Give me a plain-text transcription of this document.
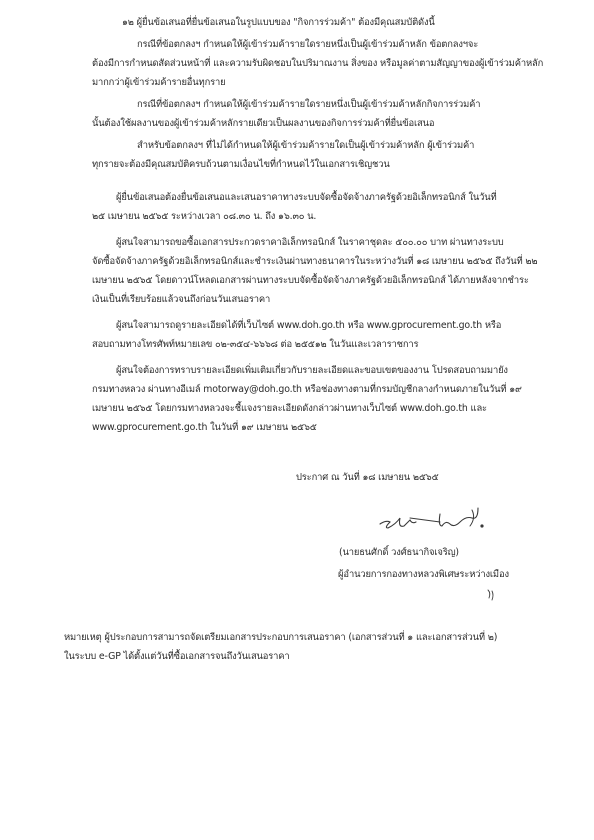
๑๒ ผู้ยื่นข้อเสนอที่ยื่นข้อเสนอในรูปแบบของ "กิจการร่วมค้า" ต้องมีคุณสมบัติดังนี้
กรณีที่ข้อตกลงฯ กำหนดให้ผู้เข้าร่วมค้ารายใดรายหนึ่งเป็นผู้เข้าร่วมค้าหลัก ข้อตกลงฯจะ
ต้องมีการกำหนดสัดส่วนหน้าที่ และความรับผิดชอบในปริมาณงาน สิ่งของ หรือมูลค่าตามสัญญาของผู้เข้าร่วมค้าหลัก
มากกว่าผู้เข้าร่วมค้ารายอื่นทุกราย
กรณีที่ข้อตกลงฯ กำหนดให้ผู้เข้าร่วมค้ารายใดรายหนึ่งเป็นผู้เข้าร่วมค้าหลักกิจการร่วมค้า
นั้นต้องใช้ผลงานของผู้เข้าร่วมค้าหลักรายเดียวเป็นผลงานของกิจการร่วมค้าที่ยื่นข้อเสนอ
สำหรับข้อตกลงฯ ที่ไม่ได้กำหนดให้ผู้เข้าร่วมค้ารายใดเป็นผู้เข้าร่วมค้าหลัก ผู้เข้าร่วมค้า
ทุกรายจะต้องมีคุณสมบัติครบถ้วนตามเงื่อนไขที่กำหนดไว้ในเอกสารเชิญชวน
ผู้ยื่นข้อเสนอต้องยื่นข้อเสนอและเสนอราคาทางระบบจัดซื้อจัดจ้างภาครัฐด้วยอิเล็กทรอนิกส์ ในวันที่
๒๕ เมษายน ๒๕๖๕ ระหว่างเวลา ๐๘.๓๐ น. ถึง ๑๖.๓๐ น.
ผู้สนใจสามารถขอซื้อเอกสารประกวดราคาอิเล็กทรอนิกส์ ในราคาชุดละ ๕๐๐.๐๐ บาท ผ่านทางระบบ
จัดซื้อจัดจ้างภาครัฐด้วยอิเล็กทรอนิกส์และชำระเงินผ่านทางธนาคารในระหว่างวันที่ ๑๘ เมษายน ๒๕๖๕ ถึงวันที่ ๒๒
เมษายน ๒๕๖๕ โดยดาวน์โหลดเอกสารผ่านทางระบบจัดซื้อจัดจ้างภาครัฐด้วยอิเล็กทรอนิกส์ ได้ภายหลังจากชำระ
เงินเป็นที่เรียบร้อยแล้วจนถึงก่อนวันเสนอราคา
ผู้สนใจสามารถดูรายละเอียดได้ที่เว็บไซต์ www.doh.go.th หรือ www.gprocurement.go.th หรือ
สอบถามทางโทรศัพท์หมายเลข ๐๒-๓๕๔-๖๖๖๘ ต่อ ๒๕๕๑๒ ในวันและเวลาราชการ
ผู้สนใจต้องการทราบรายละเอียดเพิ่มเติมเกี่ยวกับรายละเอียดและขอบเขตของงาน โปรดสอบถามมายัง
กรมทางหลวง ผ่านทางอีเมล์ motorway@doh.go.th หรือช่องทางตามที่กรมบัญชีกลางกำหนดภายในวันที่ ๑๙
เมษายน ๒๕๖๕ โดยกรมทางหลวงจะชี้แจงรายละเอียดดังกล่าวผ่านทางเว็บไซต์ www.doh.go.th และ
www.gprocurement.go.th ในวันที่ ๑๙ เมษายน ๒๕๖๕
ประกาศ ณ วันที่ ๑๘ เมษายน ๒๕๖๕
(นายธนศักดิ์ วงศ์ธนากิจเจริญ)
ผู้อำนวยการกองทางหลวงพิเศษระหว่างเมือง
หมายเหตุ ผู้ประกอบการสามารถจัดเตรียมเอกสารประกอบการเสนอราคา (เอกสารส่วนที่ ๑ และเอกสารส่วนที่ ๒)
ในระบบ e-GP ได้ตั้งแต่วันที่ซื้อเอกสารจนถึงวันเสนอราคา
